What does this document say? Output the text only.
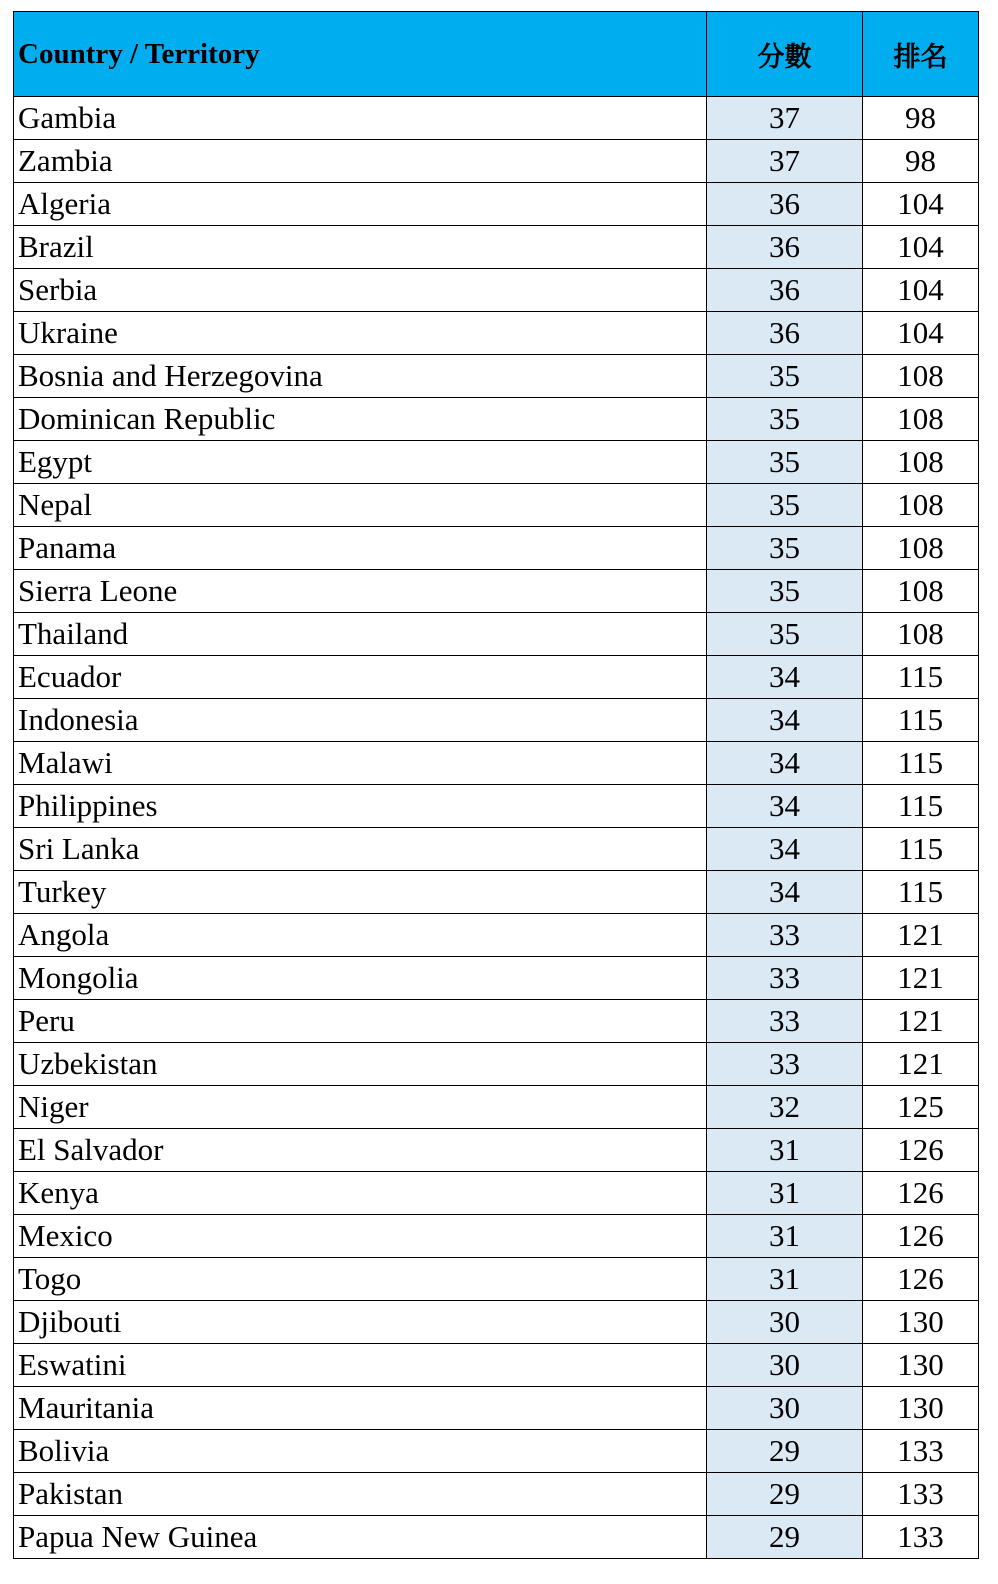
Country / Territory	分數	排名
Gambia	37	98
Zambia	37	98
Algeria	36	104
Brazil	36	104
Serbia	36	104
Ukraine	36	104
Bosnia and Herzegovina	35	108
Dominican Republic	35	108
Egypt	35	108
Nepal	35	108
Panama	35	108
Sierra Leone	35	108
Thailand	35	108
Ecuador	34	115
Indonesia	34	115
Malawi	34	115
Philippines	34	115
Sri Lanka	34	115
Turkey	34	115
Angola	33	121
Mongolia	33	121
Peru	33	121
Uzbekistan	33	121
Niger	32	125
El Salvador	31	126
Kenya	31	126
Mexico	31	126
Togo	31	126
Djibouti	30	130
Eswatini	30	130
Mauritania	30	130
Bolivia	29	133
Pakistan	29	133
Papua New Guinea	29	133
